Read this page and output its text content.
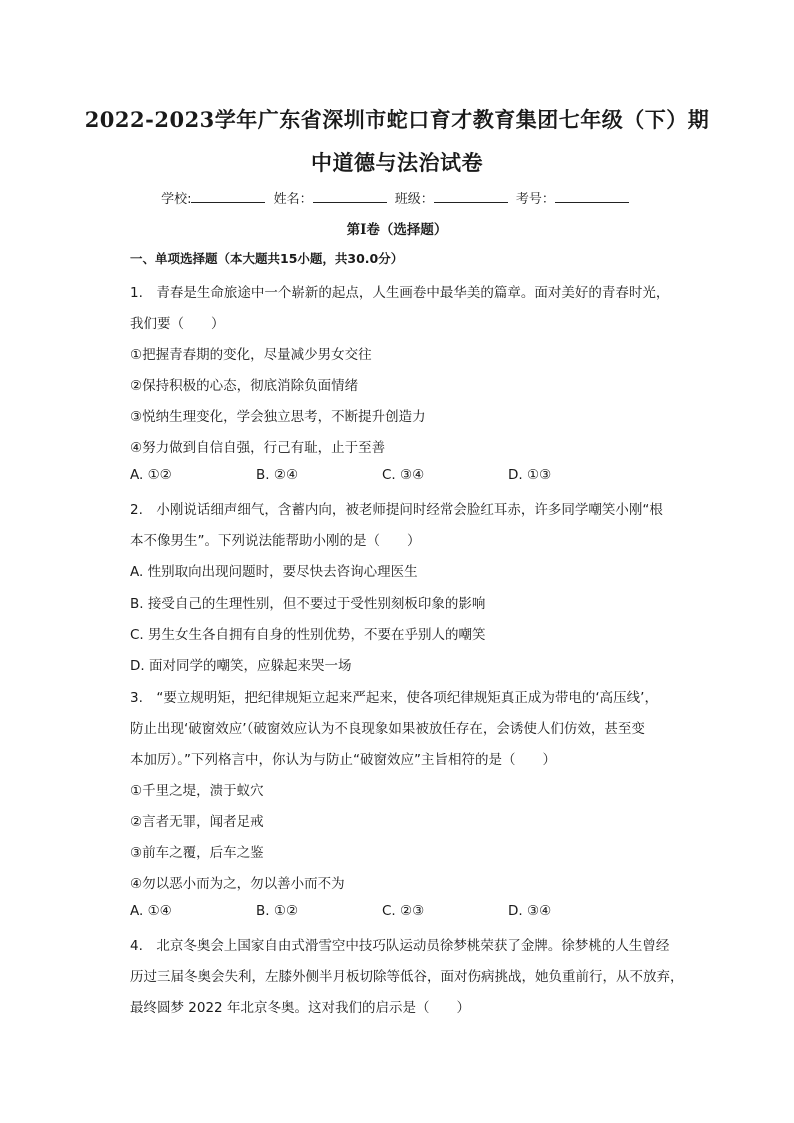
2022-2023学年广东省深圳市蛇口育才教育集团七年级（下）期
中道德与法治试卷
学校:	姓名：	班级：	考号：
第Ⅰ卷（选择题）
一、单项选择题（本大题共15小题，共30.0分）
1.　青春是生命旅途中一个崭新的起点，人生画卷中最华美的篇章。面对美好的青春时光，
我们要（　　）
①把握青春期的变化，尽量减少男女交往
②保持积极的心态，彻底消除负面情绪
③悦纳生理变化，学会独立思考，不断提升创造力
④努力做到自信自强，行己有耻，止于至善
A. ①②	B. ②④	C. ③④	D. ①③
2.　小刚说话细声细气，含蓄内向，被老师提问时经常会脸红耳赤，许多同学嘲笑小刚“根
本不像男生”。下列说法能帮助小刚的是（　　）
A. 性别取向出现问题时，要尽快去咨询心理医生
B. 接受自己的生理性别，但不要过于受性别刻板印象的影响
C. 男生女生各自拥有自身的性别优势，不要在乎别人的嘲笑
D. 面对同学的嘲笑，应躲起来哭一场
3.　“要立规明矩，把纪律规矩立起来严起来，使各项纪律规矩真正成为带电的‘高压线’，
防止出现‘破窗效应’（破窗效应认为不良现象如果被放任存在，会诱使人们仿效，甚至变
本加厉）。”下列格言中，你认为与防止“破窗效应”主旨相符的是（　　）
①千里之堤，溃于蚁穴
②言者无罪，闻者足戒
③前车之覆，后车之鉴
④勿以恶小而为之，勿以善小而不为
A. ①④	B. ①②	C. ②③	D. ③④
4.　北京冬奥会上国家自由式滑雪空中技巧队运动员徐梦桃荣获了金牌。徐梦桃的人生曾经
历过三届冬奥会失利，左膝外侧半月板切除等低谷，面对伤病挑战，她负重前行，从不放弃，
最终圆梦 2022 年北京冬奥。这对我们的启示是（　　）
